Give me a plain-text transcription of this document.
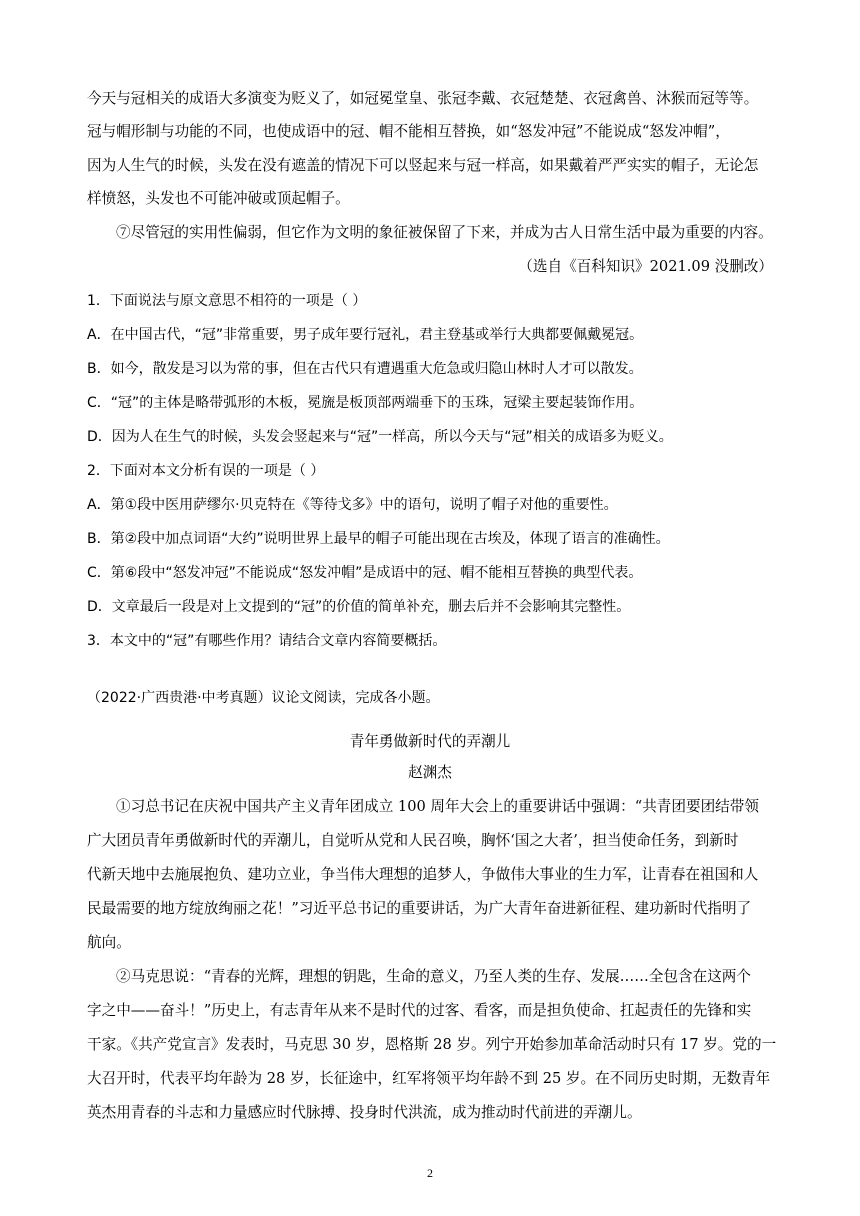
今天与冠相关的成语大多演变为贬义了，如冠冕堂皇、张冠李戴、衣冠楚楚、衣冠禽兽、沐猴而冠等等。
冠与帽形制与功能的不同，也使成语中的冠、帽不能相互替换，如“怒发冲冠”不能说成“怒发冲帽”，
因为人生气的时候，头发在没有遮盖的情况下可以竖起来与冠一样高，如果戴着严严实实的帽子，无论怎
样愤怒，头发也不可能冲破或顶起帽子。
⑦尽管冠的实用性偏弱，但它作为文明的象征被保留了下来，并成为古人日常生活中最为重要的内容。
（选自《百科知识》2021.09 没删改）
1．下面说法与原文意思不相符的一项是（ ）
A．在中国古代，“冠”非常重要，男子成年要行冠礼，君主登基或举行大典都要佩戴冕冠。
B．如今，散发是习以为常的事，但在古代只有遭遇重大危急或归隐山林时人才可以散发。
C．“冠”的主体是略带弧形的木板，冕旒是板顶部两端垂下的玉珠，冠梁主要起装饰作用。
D．因为人在生气的时候，头发会竖起来与“冠”一样高，所以今天与“冠”相关的成语多为贬义。
2．下面对本文分析有误的一项是（ ）
A．第①段中医用萨缪尔·贝克特在《等待戈多》中的语句，说明了帽子对他的重要性。
B．第②段中加点词语“大约”说明世界上最早的帽子可能出现在古埃及，体现了语言的准确性。
C．第⑥段中“怒发冲冠”不能说成“怒发冲帽”是成语中的冠、帽不能相互替换的典型代表。
D．文章最后一段是对上文提到的“冠”的价值的简单补充，删去后并不会影响其完整性。
3．本文中的“冠”有哪些作用？请结合文章内容简要概括。
（2022·广西贵港·中考真题）议论文阅读，完成各小题。
青年勇做新时代的弄潮儿
赵渊杰
①习总书记在庆祝中国共产主义青年团成立 100 周年大会上的重要讲话中强调：“共青团要团结带领
广大团员青年勇做新时代的弄潮儿，自觉听从党和人民召唤，胸怀‘国之大者’，担当使命任务，到新时
代新天地中去施展抱负、建功立业，争当伟大理想的追梦人，争做伟大事业的生力军，让青春在祖国和人
民最需要的地方绽放绚丽之花！”习近平总书记的重要讲话，为广大青年奋进新征程、建功新时代指明了
航向。
②马克思说：“青春的光辉，理想的钥匙，生命的意义，乃至人类的生存、发展……全包含在这两个
字之中——奋斗！”历史上，有志青年从来不是时代的过客、看客，而是担负使命、扛起责任的先锋和实
干家。《共产党宣言》发表时，马克思 30 岁，恩格斯 28 岁。列宁开始参加革命活动时只有 17 岁。党的一
大召开时，代表平均年龄为 28 岁，长征途中，红军将领平均年龄不到 25 岁。在不同历史时期，无数青年
英杰用青春的斗志和力量感应时代脉搏、投身时代洪流，成为推动时代前进的弄潮儿。
2
